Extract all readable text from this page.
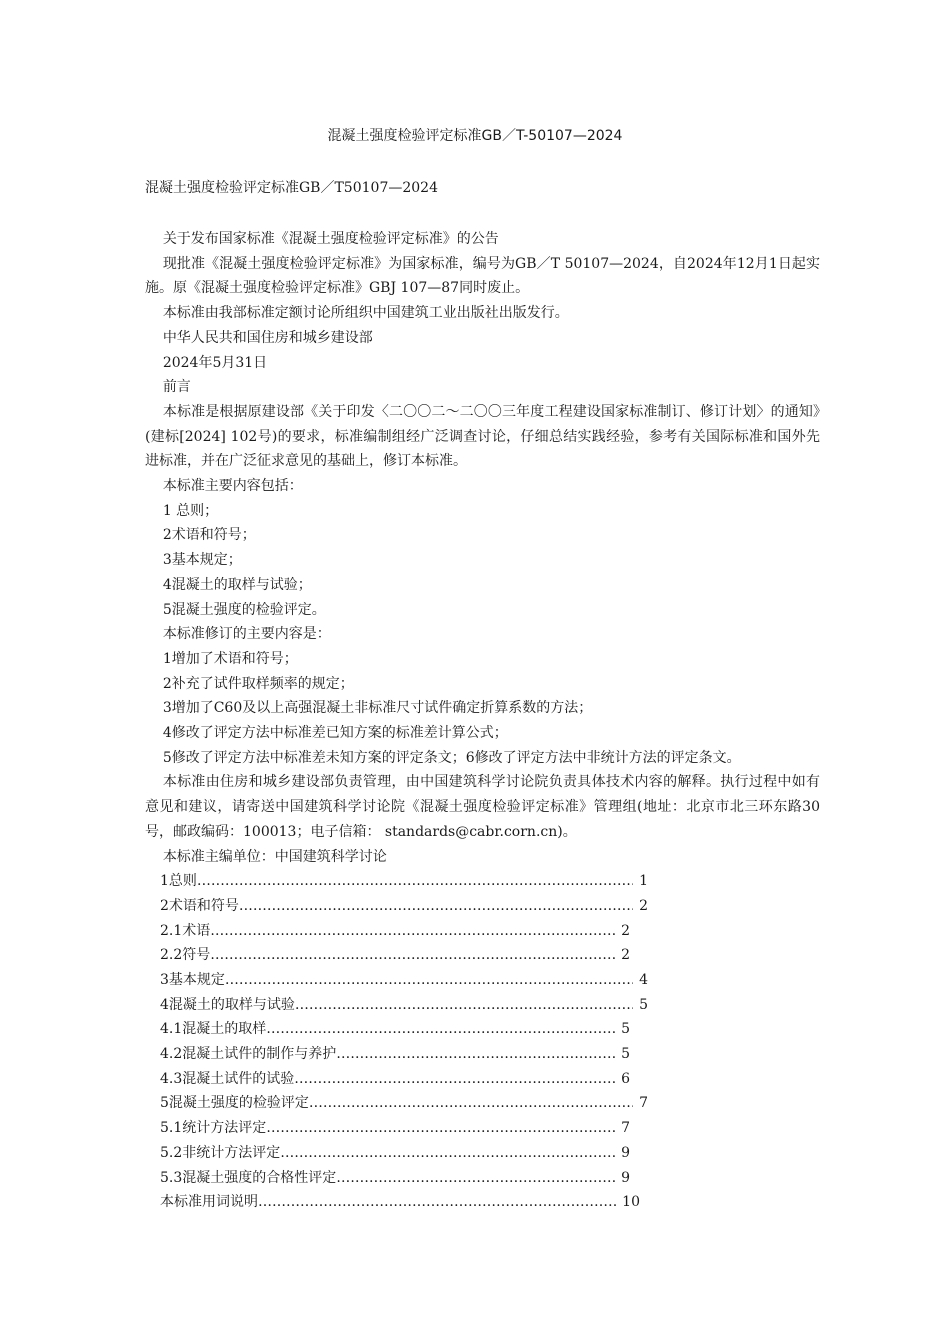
混凝土强度检验评定标准GB／T-50107—2024
混凝土强度检验评定标准GB／T50107—2024

关于发布国家标准《混凝土强度检验评定标准》的公告

现批准《混凝土强度检验评定标准》为国家标准，编号为GB／T 50107—2024，自2024年12月1日起实施。原《混凝土强度检验评定标准》GBJ 107—87同时废止。

本标准由我部标准定额讨论所组织中国建筑工业出版社出版发行。

中华人民共和国住房和城乡建设部

2024年5月31日

前言

本标准是根据原建设部《关于印发〈二〇〇二～二〇〇三年度工程建设国家标准制订、修订计划〉的通知》(建标[2024] 102号)的要求，标准编制组经广泛调查讨论，仔细总结实践经验，参考有关国际标准和国外先进标准，并在广泛征求意见的基础上，修订本标准。

本标准主要内容包括：

1 总则；

2术语和符号；

3基本规定；

4混凝土的取样与试验；

5混凝土强度的检验评定。

本标准修订的主要内容是：

1增加了术语和符号；

2补充了试件取样频率的规定；

3增加了C60及以上高强混凝土非标准尺寸试件确定折算系数的方法；

4修改了评定方法中标准差已知方案的标准差计算公式；

5修改了评定方法中标准差未知方案的评定条文；6修改了评定方法中非统计方法的评定条文。

本标准由住房和城乡建设部负责管理，由中国建筑科学讨论院负责具体技术内容的解释。执行过程中如有意见和建议，请寄送中国建筑科学讨论院《混凝土强度检验评定标准》管理组(地址：北京市北三环东路30号，邮政编码：100013；电子信箱： standards@cabr.corn.cn)。

本标准主编单位：中国建筑科学讨论

1总则 ……………………………………………………………………………………………………………………………………………	1
2术语和符号 ……………………………………………………………………………………………………………………………………………	2
2.1术语 ……………………………………………………………………………………………………………………………………………	2
2.2符号 ……………………………………………………………………………………………………………………………………………	2
3基本规定 ……………………………………………………………………………………………………………………………………………	4
4混凝土的取样与试验 ……………………………………………………………………………………………………………………………………………	5
4.1混凝土的取样 ……………………………………………………………………………………………………………………………………………	5
4.2混凝土试件的制作与养护 ……………………………………………………………………………………………………………………………………………	5
4.3混凝土试件的试验 ……………………………………………………………………………………………………………………………………………	6
5混凝土强度的检验评定 ……………………………………………………………………………………………………………………………………………	7
5.1统计方法评定 ……………………………………………………………………………………………………………………………………………	7
5.2非统计方法评定 ……………………………………………………………………………………………………………………………………………	9
5.3混凝土强度的合格性评定 ……………………………………………………………………………………………………………………………………………	9
本标准用词说明 ……………………………………………………………………………………………………………………………………………	10
